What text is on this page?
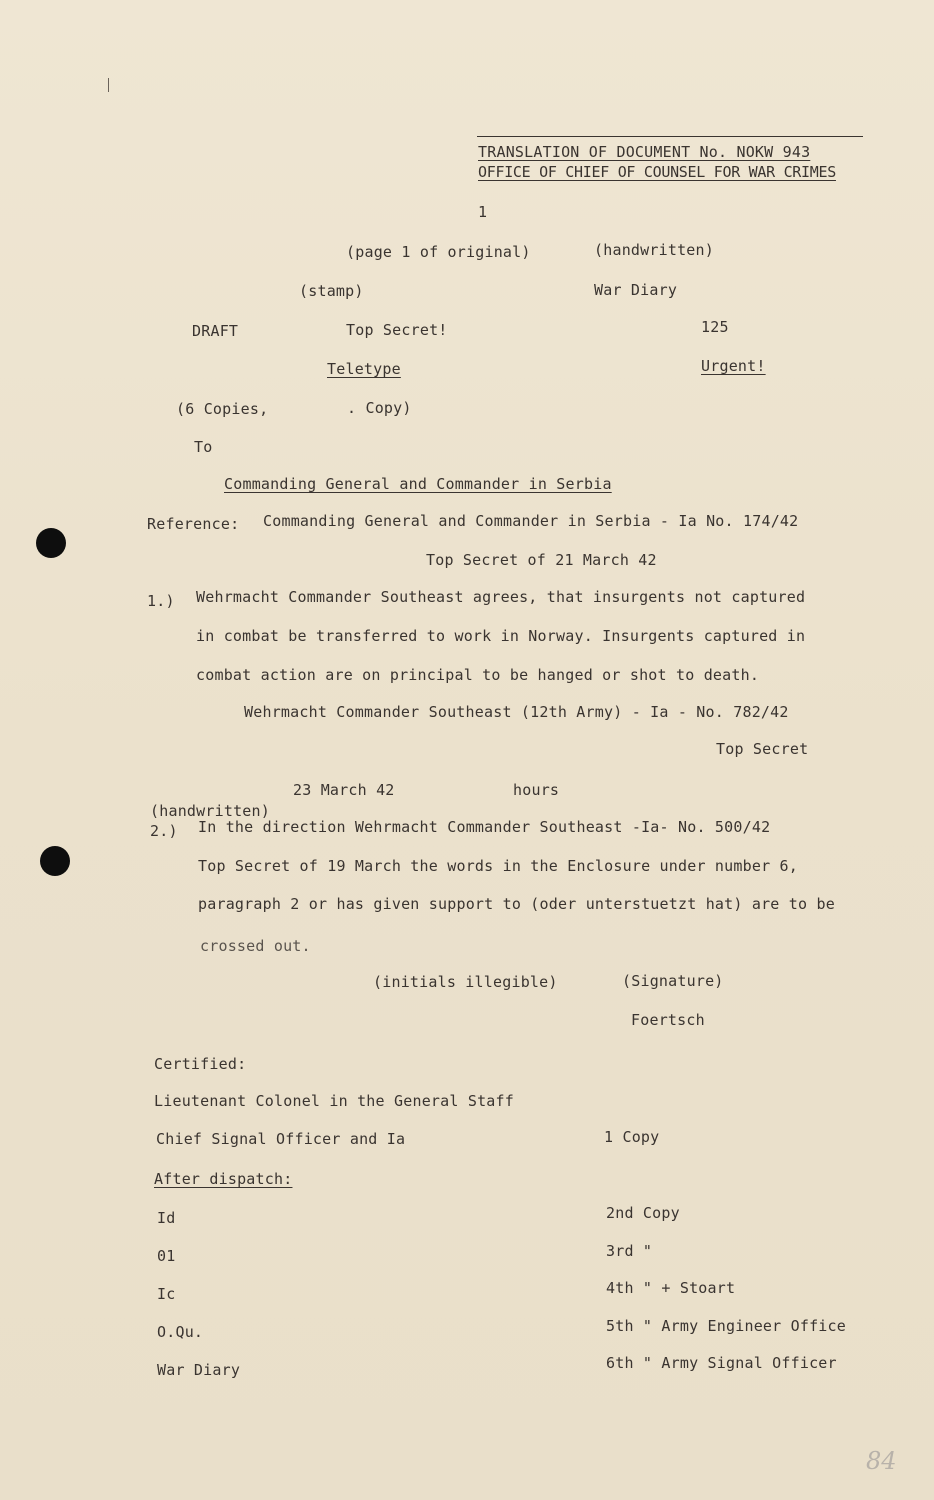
TRANSLATION OF DOCUMENT No. NOKW 943
OFFICE OF CHIEF OF COUNSEL FOR WAR CRIMES
1
(page 1 of original)	(handwritten)
(stamp)	War Diary
DRAFT	Top Secret!	125
Teletype	Urgent!
(6 Copies,	. Copy)
To
Commanding General and Commander in Serbia
Reference: Commanding General and Commander in Serbia - Ia No. 174/42
Top Secret of 21 March 42
1.) Wehrmacht Commander Southeast agrees, that insurgents not captured
in combat be transferred to work in Norway. Insurgents captured in
combat action are on principal to be hanged or shot to death.
Wehrmacht Commander Southeast (12th Army) - Ia - No. 782/42
Top Secret
23 March 42	hours
(handwritten)
2.) In the direction Wehrmacht Commander Southeast -Ia- No. 500/42
Top Secret of 19 March the words in the Enclosure under number 6,
paragraph 2 or has given support to (oder unterstuetzt hat) are to be
crossed out.
(initials illegible)	(Signature)
Foertsch
Certified:
Lieutenant Colonel in the General Staff
Chief Signal Officer and Ia	1 Copy
After dispatch:
Id	2nd Copy
01	3rd "
Ic	4th " + Stoart
O.Qu.	5th " Army Engineer Office
War Diary	6th " Army Signal Officer
84
